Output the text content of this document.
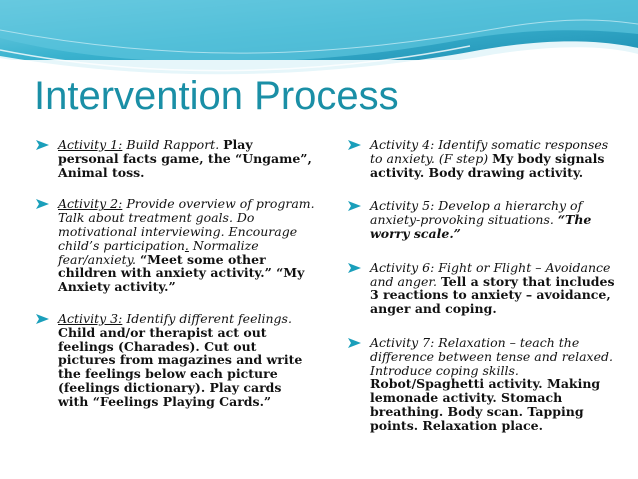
Intervention Process
Activity 1: Build Rapport. Play personal facts game, the “Ungame”, Animal toss.
Activity 2: Provide overview of program. Talk about treatment goals. Do motivational interviewing. Encourage child’s participation. Normalize fear/anxiety. “Meet some other children with anxiety activity.” “My Anxiety activity.”
Activity 3: Identify different feelings.
Child and/or therapist act out feelings (Charades). Cut out pictures from magazines and write the feelings below each picture (feelings dictionary). Play cards with “Feelings Playing Cards.”
Activity 4: Identify somatic responses to anxiety. (F step) My body signals activity. Body drawing activity.
Activity 5: Develop a hierarchy of anxiety-provoking situations. “The worry scale.”
Activity 6: Fight or Flight – Avoidance and anger. Tell a story that includes 3 reactions to anxiety – avoidance, anger and coping.
Activity 7: Relaxation – teach the difference between tense and relaxed. Introduce coping skills.
Robot/Spaghetti activity. Making lemonade activity. Stomach breathing. Body scan. Tapping points. Relaxation place.
